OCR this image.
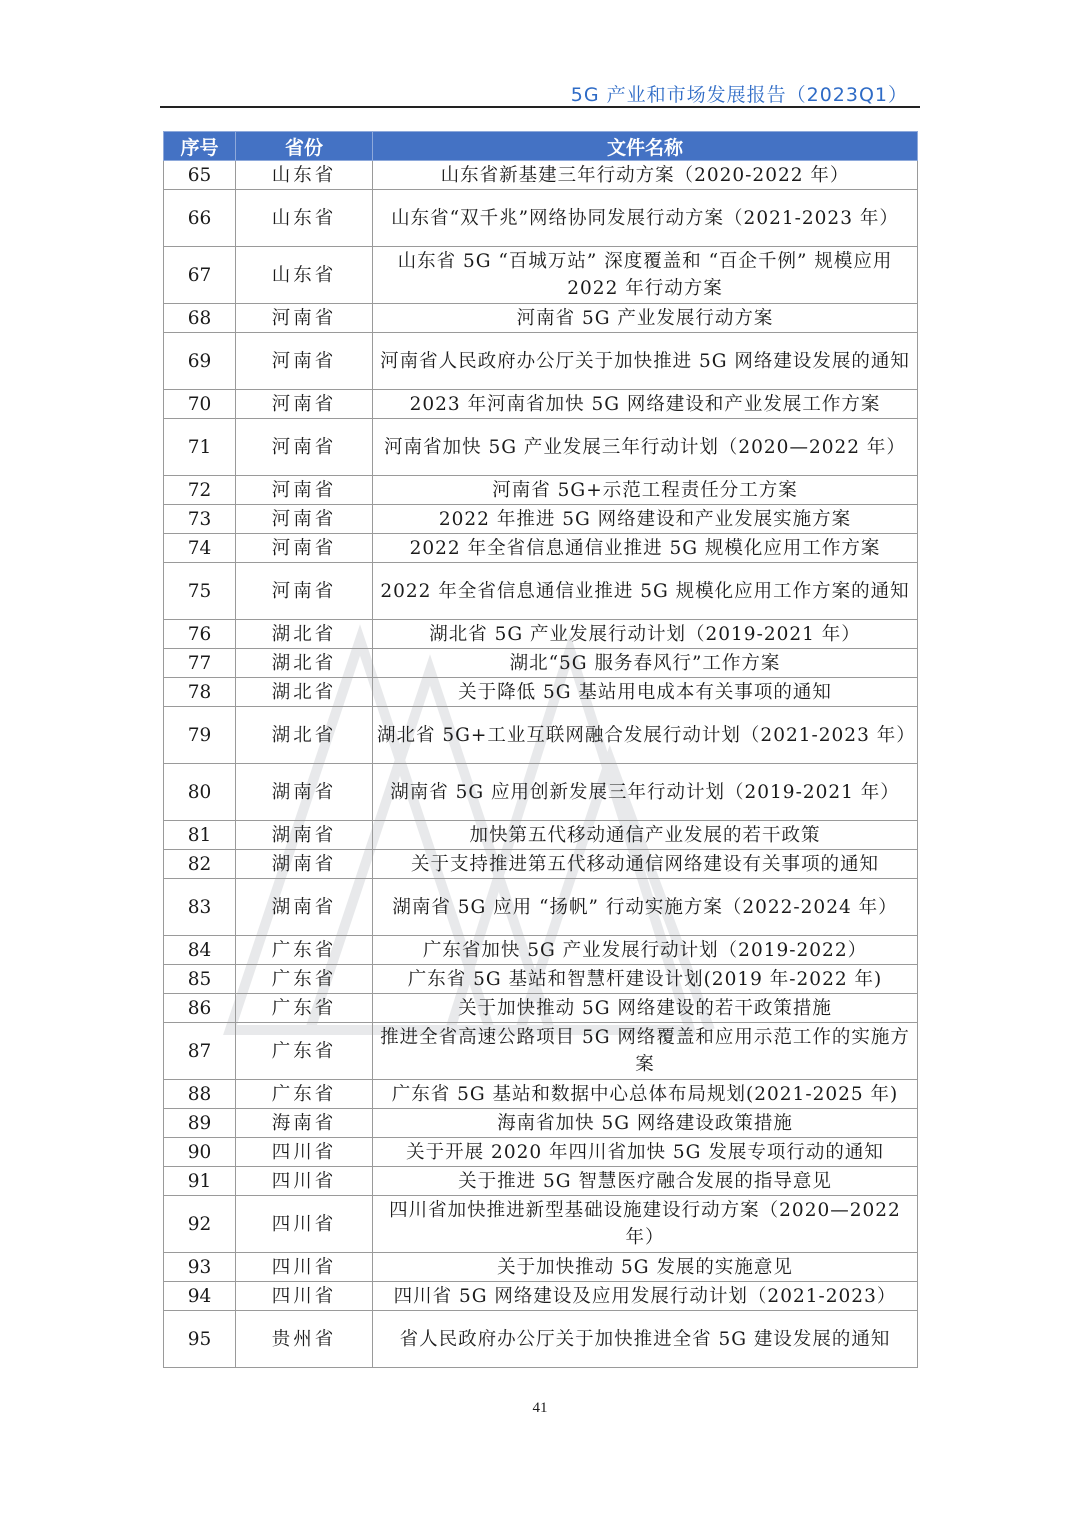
5G 产业和市场发展报告（2023Q1）
序号	省份	文件名称
65	山东省	山东省新基建三年行动方案（2020-2022 年）
66	山东省	山东省“双千兆”网络协同发展行动方案（2021-2023 年）
67	山东省	山东省 5G “百城万站” 深度覆盖和 “百企千例” 规模应用 2022 年行动方案
68	河南省	河南省 5G 产业发展行动方案
69	河南省	河南省人民政府办公厅关于加快推进 5G 网络建设发展的通知
70	河南省	2023 年河南省加快 5G 网络建设和产业发展工作方案
71	河南省	河南省加快 5G 产业发展三年行动计划（2020—2022 年）
72	河南省	河南省 5G+示范工程责任分工方案
73	河南省	2022 年推进 5G 网络建设和产业发展实施方案
74	河南省	2022 年全省信息通信业推进 5G 规模化应用工作方案
75	河南省	2022 年全省信息通信业推进 5G 规模化应用工作方案的通知
76	湖北省	湖北省 5G 产业发展行动计划（2019-2021 年）
77	湖北省	湖北“5G 服务春风行”工作方案
78	湖北省	关于降低 5G 基站用电成本有关事项的通知
79	湖北省	湖北省 5G+工业互联网融合发展行动计划（2021-2023 年）
80	湖南省	湖南省 5G 应用创新发展三年行动计划（2019-2021 年）
81	湖南省	加快第五代移动通信产业发展的若干政策
82	湖南省	关于支持推进第五代移动通信网络建设有关事项的通知
83	湖南省	湖南省 5G 应用 “扬帆” 行动实施方案（2022-2024 年）
84	广东省	广东省加快 5G 产业发展行动计划（2019-2022）
85	广东省	广东省 5G 基站和智慧杆建设计划(2019 年-2022 年)
86	广东省	关于加快推动 5G 网络建设的若干政策措施
87	广东省	推进全省高速公路项目 5G 网络覆盖和应用示范工作的实施方案
88	广东省	广东省 5G 基站和数据中心总体布局规划(2021-2025 年)
89	海南省	海南省加快 5G 网络建设政策措施
90	四川省	关于开展 2020 年四川省加快 5G 发展专项行动的通知
91	四川省	关于推进 5G 智慧医疗融合发展的指导意见
92	四川省	四川省加快推进新型基础设施建设行动方案（2020—2022 年）
93	四川省	关于加快推动 5G 发展的实施意见
94	四川省	四川省 5G 网络建设及应用发展行动计划（2021-2023）
95	贵州省	省人民政府办公厅关于加快推进全省 5G 建设发展的通知
41
